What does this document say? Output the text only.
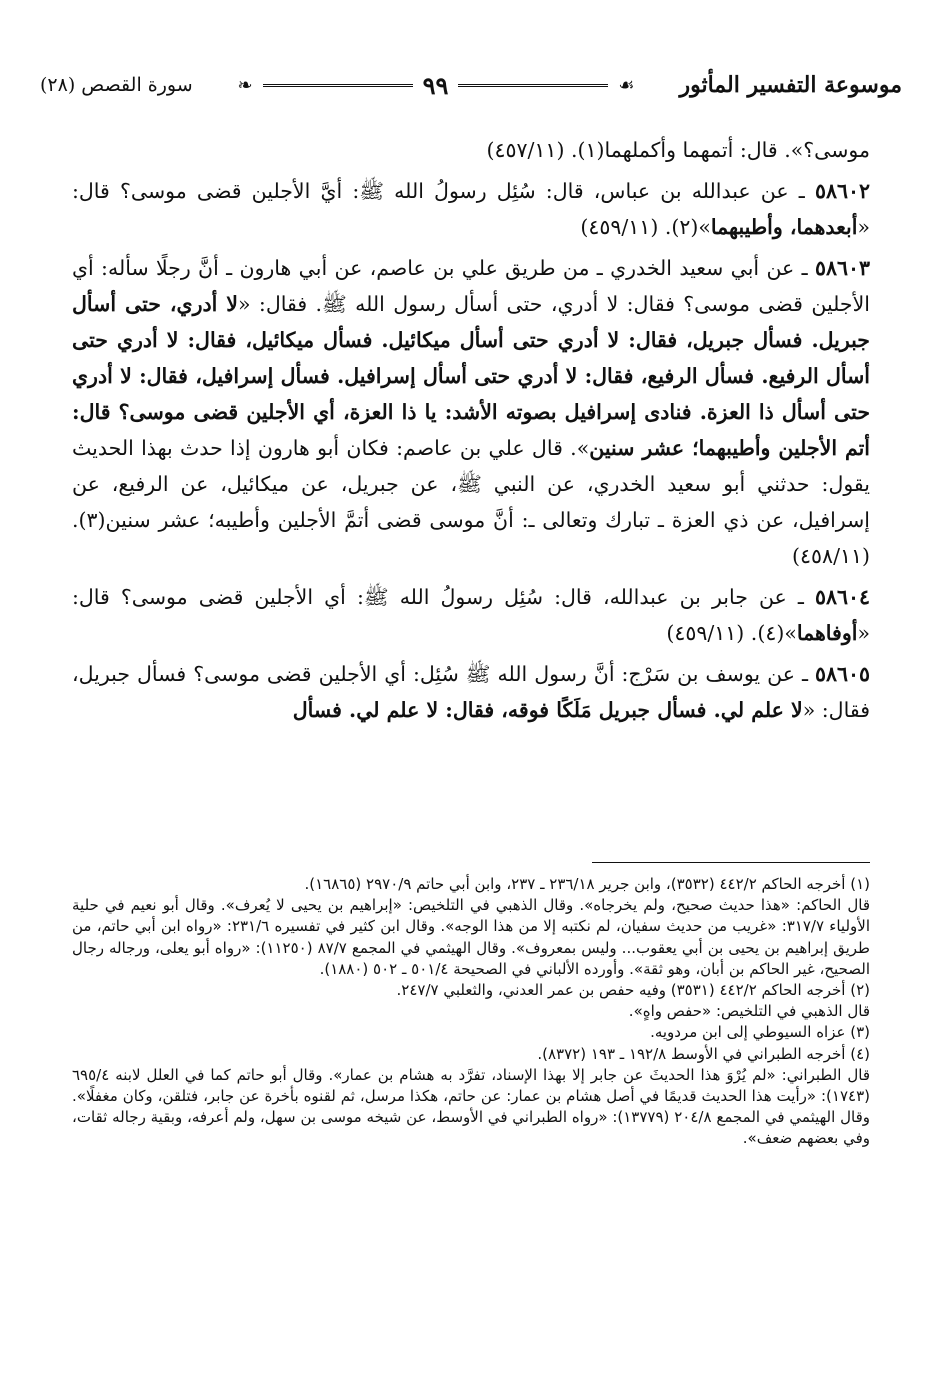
موسوعة التفسير المأثور
❧	٩٩	☙
سورة القصص (٢٨)

موسى؟». قال: أتمهما وأكملهما(١). (٤٥٧/١١)

٥٨٦٠٢ ـ عن عبدالله بن عباس، قال: سُئِل رسولُ الله ﷺ: أيَّ الأجلين قضى موسى؟ قال: «أبعدهما، وأطيبهما»(٢). (٤٥٩/١١)

٥٨٦٠٣ ـ عن أبي سعيد الخدري ـ من طريق علي بن عاصم، عن أبي هارون ـ أنَّ رجلًا سأله: أي الأجلين قضى موسى؟ فقال: لا أدري، حتى أسأل رسول الله ﷺ. فقال: «لا أدري، حتى أسأل جبريل. فسأل جبريل، فقال: لا أدري حتى أسأل ميكائيل. فسأل ميكائيل، فقال: لا أدري حتى أسأل الرفيع. فسأل الرفيع، فقال: لا أدري حتى أسأل إسرافيل. فسأل إسرافيل، فقال: لا أدري حتى أسأل ذا العزة. فنادى إسرافيل بصوته الأشد: يا ذا العزة، أي الأجلين قضى موسى؟ قال: أتم الأجلين وأطيبهما؛ عشر سنين». قال علي بن عاصم: فكان أبو هارون إذا حدث بهذا الحديث يقول: حدثني أبو سعيد الخدري، عن النبي ﷺ، عن جبريل، عن ميكائيل، عن الرفيع، عن إسرافيل، عن ذي العزة ـ تبارك وتعالى ـ: أنَّ موسى قضى أتمَّ الأجلين وأطيبه؛ عشر سنين(٣). (٤٥٨/١١)

٥٨٦٠٤ ـ عن جابر بن عبدالله، قال: سُئِل رسولُ الله ﷺ: أي الأجلين قضى موسى؟ قال: «أوفاهما»(٤). (٤٥٩/١١)

٥٨٦٠٥ ـ عن يوسف بن سَرْج: أنَّ رسول الله ﷺ سُئِل: أي الأجلين قضى موسى؟ فسأل جبريل، فقال: «لا علم لي. فسأل جبريل مَلَكًا فوقه، فقال: لا علم لي. فسأل

(١) أخرجه الحاكم ٤٤٢/٢ (٣٥٣٢)، وابن جرير ٢٣٦/١٨ ـ ٢٣٧، وابن أبي حاتم ٢٩٧٠/٩ (١٦٨٦٥).

قال الحاكم: «هذا حديث صحيح، ولم يخرجاه». وقال الذهبي في التلخيص: «إبراهيم بن يحيى لا يُعرف». وقال أبو نعيم في حلية الأولياء ٣١٧/٧: «غريب من حديث سفيان، لم نكتبه إلا من هذا الوجه». وقال ابن كثير في تفسيره ٢٣١/٦: «رواه ابن أبي حاتم، من طريق إبراهيم بن يحيى بن أبي يعقوب... وليس بمعروف». وقال الهيثمي في المجمع ٨٧/٧ (١١٢٥٠): «رواه أبو يعلى، ورجاله رجال الصحيح، غير الحاكم بن أبان، وهو ثقة». وأورده الألباني في الصحيحة ٥٠١/٤ ـ ٥٠٢ (١٨٨٠).

(٢) أخرجه الحاكم ٤٤٢/٢ (٣٥٣١) وفيه حفص بن عمر العدني، والثعلبي ٢٤٧/٧.

قال الذهبي في التلخيص: «حفص واهٍ».

(٣) عزاه السيوطي إلى ابن مردويه.

(٤) أخرجه الطبراني في الأوسط ١٩٢/٨ ـ ١٩٣ (٨٣٧٢).

قال الطبراني: «لم يُرْوَ هذا الحديثَ عن جابر إلا بهذا الإسناد، تفرَّد به هشام بن عمار». وقال أبو حاتم كما في العلل لابنه ٦٩٥/٤ (١٧٤٣): «رأيت هذا الحديث قديمًا في أصل هشام بن عمار: عن حاتم، هكذا مرسل، ثم لقنوه بأخرة عن جابر، فتلقن، وكان مغفلًا». وقال الهيثمي في المجمع ٢٠٤/٨ (١٣٧٧٩): «رواه الطبراني في الأوسط، عن شيخه موسى بن سهل، ولم أعرفه، وبقية رجاله ثقات، وفي بعضهم ضعف».
